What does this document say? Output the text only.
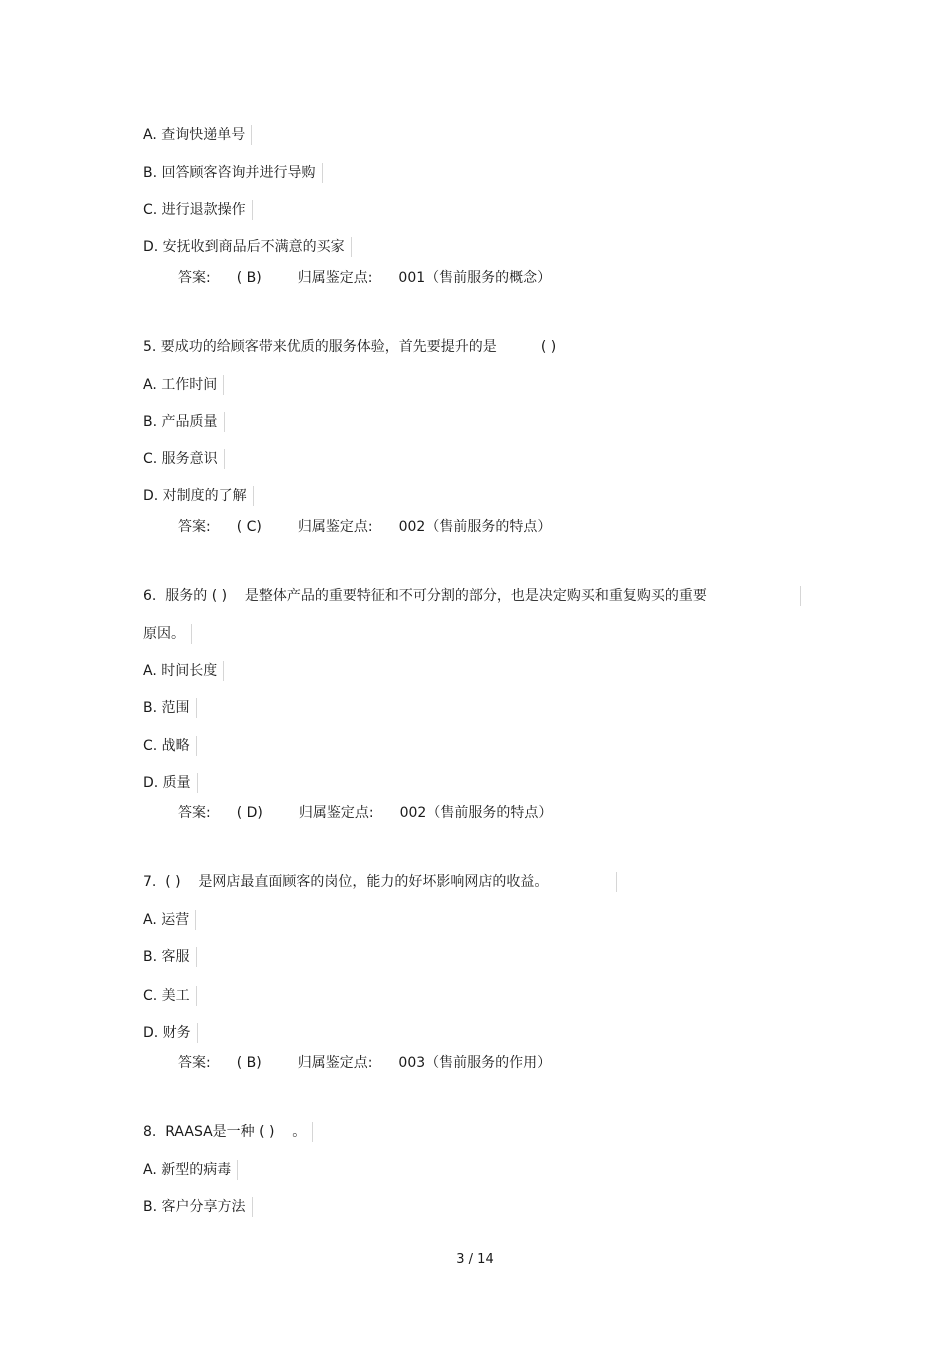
A. 查询快递单号
B. 回答顾客咨询并进行导购
C. 进行退款操作
D. 安抚收到商品后不满意的买家
答案: ( B)	归属鉴定点: 001（售前服务的概念）
5. 要成功的给顾客带来优质的服务体验，首先要提升的是	( )
A. 工作时间
B. 产品质量
C. 服务意识
D. 对制度的了解
答案: ( C)	归属鉴定点: 002（售前服务的特点）
6.  服务的 ( )    是整体产品的重要特征和不可分割的部分，也是决定购买和重复购买的重要
原因。
A. 时间长度
B. 范围
C. 战略
D. 质量
答案: ( D)	归属鉴定点: 002（售前服务的特点）
7.  ( )    是网店最直面顾客的岗位，能力的好坏影响网店的收益。
A. 运营
B. 客服
C. 美工
D. 财务
答案: ( B)	归属鉴定点: 003（售前服务的作用）
8.  RAASA是一种 ( )    。
A. 新型的病毒
B. 客户分享方法
3 / 14
